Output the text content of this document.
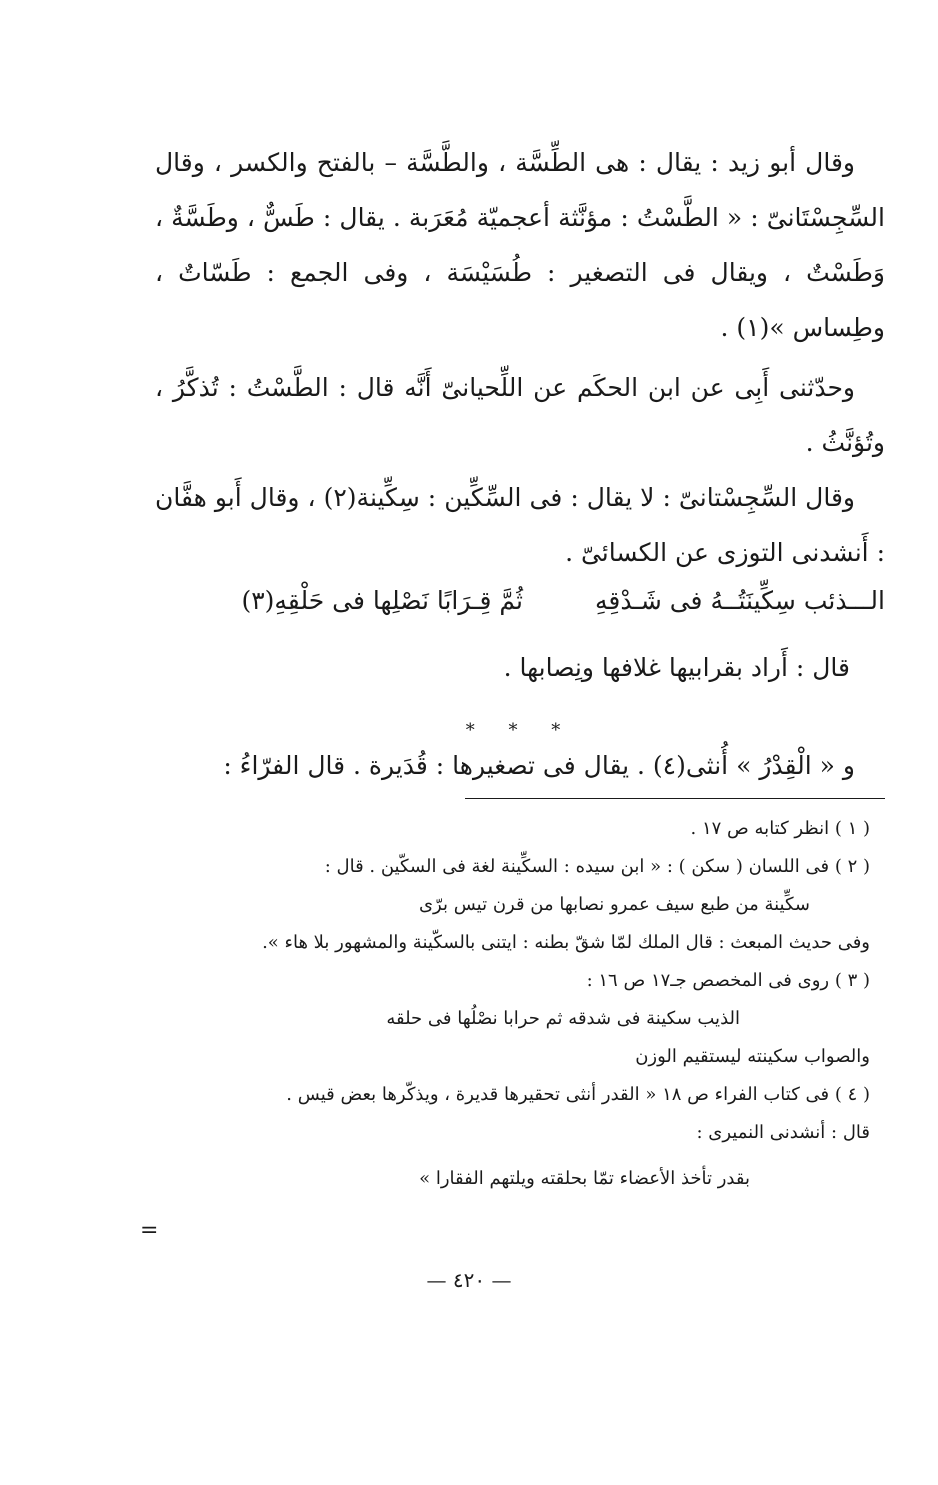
وقال أبو زيد : يقال : هى الطِّسَّة ، والطَّسَّة – بالفتح والكسر ، وقال السِّجِسْتَانىّ : « الطَّسْتُ : مؤنَّثة أعجميّة مُعَرَبة . يقال : طَسٌّ ، وطَسَّةٌ ، وَطَسْتٌ ، ويقال فى التصغير : طُسَيْسَة ، وفى الجمع : طَسّاتٌ ، وطِساس »(١) .

وحدّثنى أَبِى عن ابن الحكَم عن اللِّحيانىّ أَنَّه قال : الطَّسْتُ : تُذكَّرُ ، وتُؤنَّثُ .

وقال السِّجِسْتانىّ : لا يقال : فى السِّكِّين : سِكِّينة(٢) ، وقال أَبو هفَّان : أَنشدنى التوزى عن الكسائىّ .

الـــذئب سِكِّينَتُــهُ فى شَـدْقِهِ
ثُمَّ قِـرَابًا نَصْلِها فى حَلْقِهِ(٣)

قال : أَراد بقرابيها غلافها ونِصابها .

* * *

و « الْقِدْرُ » أُنثى(٤) . يقال فى تصغيرها : قُدَيرة . قال الفرّاءُ :

( ١ ) انظر كتابه ص ١٧ .
( ٢ ) فى اللسان ( سكن ) : « ابن سيده : السكِّينة لغة فى السكّين . قال :
سكِّينة من طبع سيف عمرو نصابها من قرن تيس برّى
وفى حديث المبعث : قال الملك لمّا شقّ بطنه : ايتنى بالسكّينة والمشهور بلا هاء ».
( ٣ ) روى فى المخصص جـ١٧ ص ١٦ :
الذيب سكينة فى شدقه ثم حرابا نصْلُها فى حلقه
والصواب سكينته ليستقيم الوزن
( ٤ ) فى كتاب الفراء ص ١٨ « القدر أنثى تحقيرها قديرة ، ويذكّرها بعض قيس .
قال : أنشدنى النميرى :
بقدر تأخذ الأعضاء تمّا بحلقته ويلتهم الفقارا »
=
— ٤٢٠ —
